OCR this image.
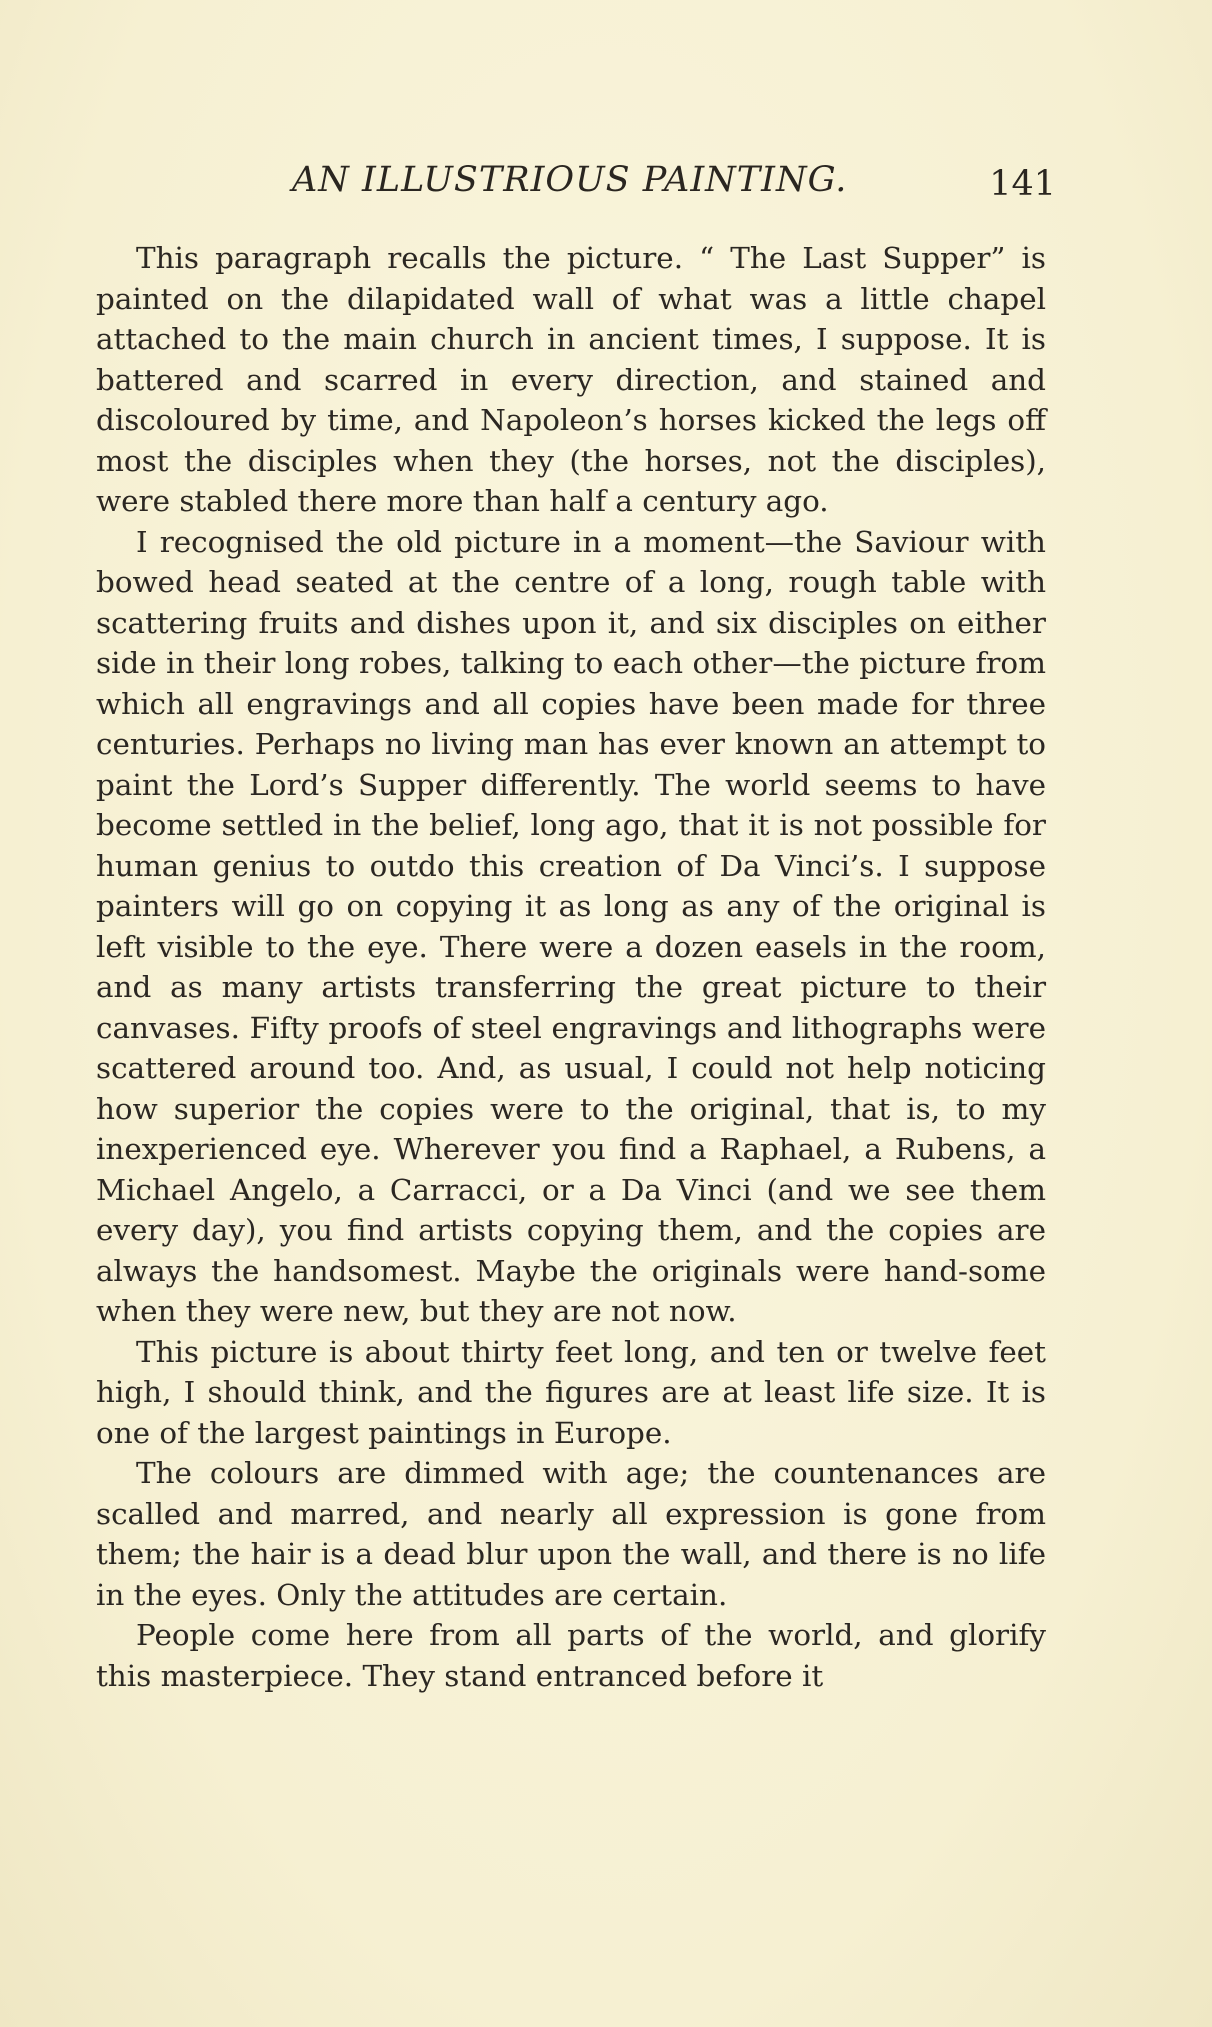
AN ILLUSTRIOUS PAINTING.	141

This paragraph recalls the picture. “ The Last Supper” is painted on the dilapidated wall of what was a little chapel attached to the main church in ancient times, I suppose. It is battered and scarred in every direction, and stained and discoloured by time, and Napoleon’s horses kicked the legs off most the disciples when they (the horses, not the disciples), were stabled there more than half a century ago.

I recognised the old picture in a moment—the Saviour with bowed head seated at the centre of a long, rough table with scattering fruits and dishes upon it, and six disciples on either side in their long robes, talking to each other—the picture from which all engravings and all copies have been made for three centuries. Perhaps no living man has ever known an attempt to paint the Lord’s Supper differently. The world seems to have become settled in the belief, long ago, that it is not possible for human genius to outdo this creation of Da Vinci’s. I suppose painters will go on copying it as long as any of the original is left visible to the eye. There were a dozen easels in the room, and as many artists transferring the great picture to their canvases. Fifty proofs of steel engravings and lithographs were scattered around too. And, as usual, I could not help noticing how superior the copies were to the original, that is, to my inexperienced eye. Wherever you find a Raphael, a Rubens, a Michael Angelo, a Carracci, or a Da Vinci (and we see them every day), you find artists copying them, and the copies are always the handsomest. Maybe the originals were hand-some when they were new, but they are not now.

This picture is about thirty feet long, and ten or twelve feet high, I should think, and the figures are at least life size. It is one of the largest paintings in Europe.

The colours are dimmed with age; the countenances are scalled and marred, and nearly all expression is gone from them; the hair is a dead blur upon the wall, and there is no life in the eyes. Only the attitudes are certain.

People come here from all parts of the world, and glorify this masterpiece. They stand entranced before it
